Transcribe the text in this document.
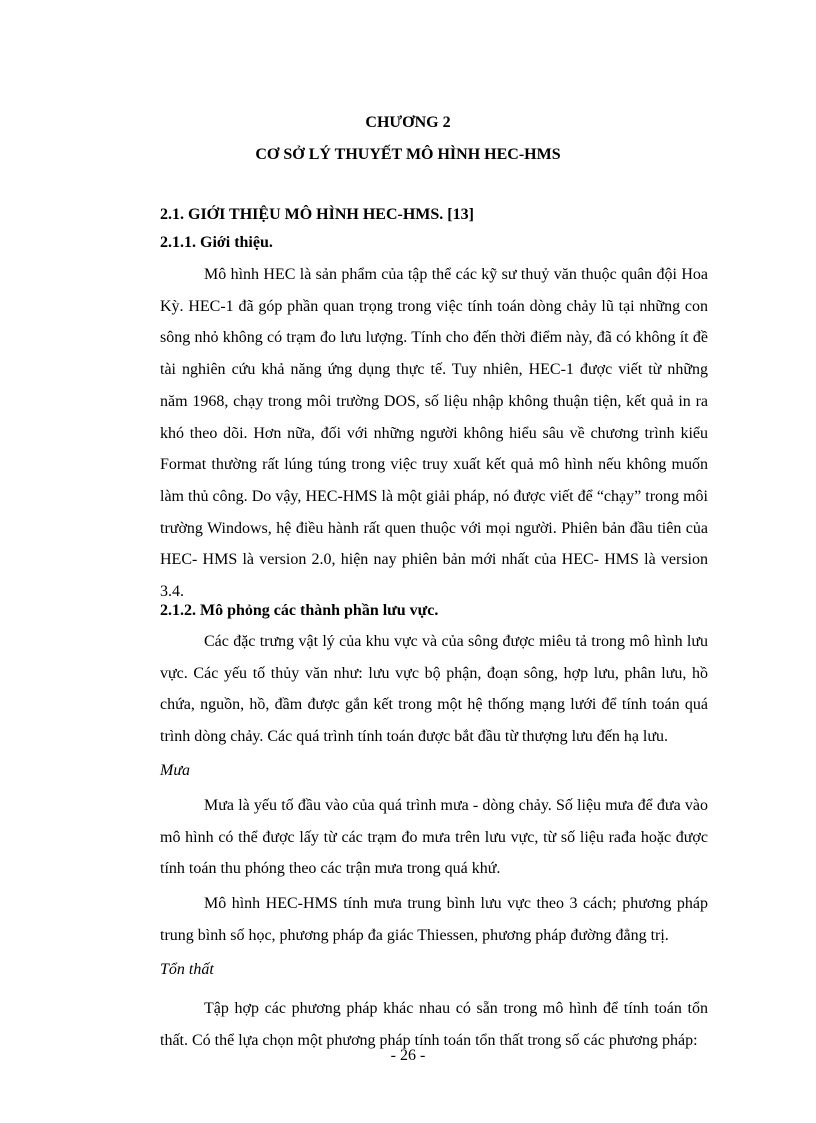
CHƯƠNG 2
CƠ SỞ LÝ THUYẾT MÔ HÌNH HEC-HMS
2.1. GIỚI THIỆU MÔ HÌNH HEC-HMS. [13]
2.1.1. Giới thiệu.

Mô hình HEC là sản phẩm của tập thể các kỹ sư thuỷ văn thuộc quân đội Hoa Kỳ. HEC-1 đã góp phần quan trọng trong việc tính toán dòng chảy lũ tại những con sông nhỏ không có trạm đo lưu lượng. Tính cho đến thời điểm này, đã có không ít đề tài nghiên cứu khả năng ứng dụng thực tế. Tuy nhiên, HEC-1 được viết từ những năm 1968, chạy trong môi trường DOS, số liệu nhập không thuận tiện, kết quả in ra khó theo dõi. Hơn nữa, đối với những người không hiểu sâu về chương trình kiểu Format thường rất lúng túng trong việc truy xuất kết quả mô hình nếu không muốn làm thủ công. Do vậy, HEC-HMS là một giải pháp, nó được viết để “chạy” trong môi trường Windows, hệ điều hành rất quen thuộc với mọi người. Phiên bản đầu tiên của HEC- HMS là version 2.0, hiện nay phiên bản mới nhất của HEC- HMS là version 3.4.

2.1.2. Mô phỏng các thành phần lưu vực.

Các đặc trưng vật lý của khu vực và của sông được miêu tả trong mô hình lưu vực. Các yếu tố thủy văn như: lưu vực bộ phận, đoạn sông, hợp lưu, phân lưu, hồ chứa, nguồn, hồ, đầm được gắn kết trong một hệ thống mạng lưới để tính toán quá trình dòng chảy. Các quá trình tính toán được bắt đầu từ thượng lưu đến hạ lưu.

Mưa

Mưa là yếu tố đầu vào của quá trình mưa - dòng chảy. Số liệu mưa để đưa vào mô hình có thể được lấy từ các trạm đo mưa trên lưu vực, từ số liệu rađa hoặc được tính toán thu phóng theo các trận mưa trong quá khứ.

Mô hình HEC-HMS tính mưa trung bình lưu vực theo 3 cách; phương pháp trung bình số học, phương pháp đa giác Thiessen, phương pháp đường đẳng trị.

Tổn thất

Tập hợp các phương pháp khác nhau có sẵn trong mô hình để tính toán tổn thất. Có thể lựa chọn một phương pháp tính toán tổn thất trong số các phương pháp:

- 26 -
